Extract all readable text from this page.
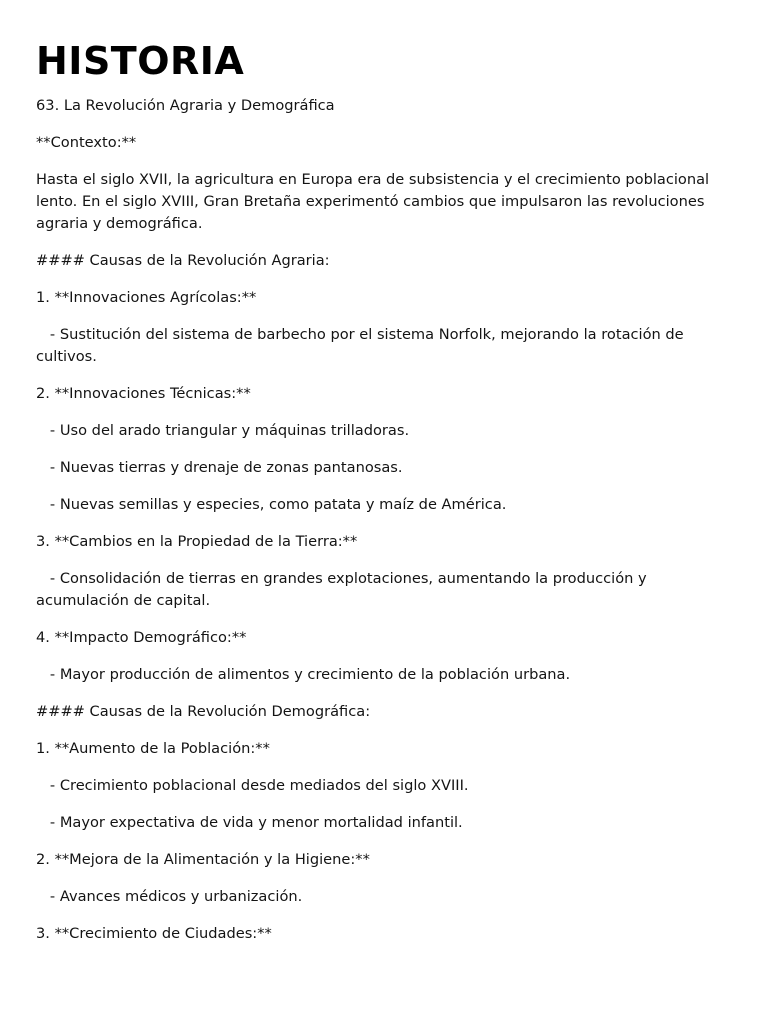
HISTORIA

63. La Revolución Agraria y Demográfica

**Contexto:**

Hasta el siglo XVII, la agricultura en Europa era de subsistencia y el crecimiento poblacional lento. En el siglo XVIII, Gran Bretaña experimentó cambios que impulsaron las revoluciones agraria y demográfica.

#### Causas de la Revolución Agraria:

1. **Innovaciones Agrícolas:**

- Sustitución del sistema de barbecho por el sistema Norfolk, mejorando la rotación de cultivos.

2. **Innovaciones Técnicas:**

- Uso del arado triangular y máquinas trilladoras.

- Nuevas tierras y drenaje de zonas pantanosas.

- Nuevas semillas y especies, como patata y maíz de América.

3. **Cambios en la Propiedad de la Tierra:**

- Consolidación de tierras en grandes explotaciones, aumentando la producción y acumulación de capital.

4. **Impacto Demográfico:**

- Mayor producción de alimentos y crecimiento de la población urbana.

#### Causas de la Revolución Demográfica:

1. **Aumento de la Población:**

- Crecimiento poblacional desde mediados del siglo XVIII.

- Mayor expectativa de vida y menor mortalidad infantil.

2. **Mejora de la Alimentación y la Higiene:**

- Avances médicos y urbanización.

3. **Crecimiento de Ciudades:**
